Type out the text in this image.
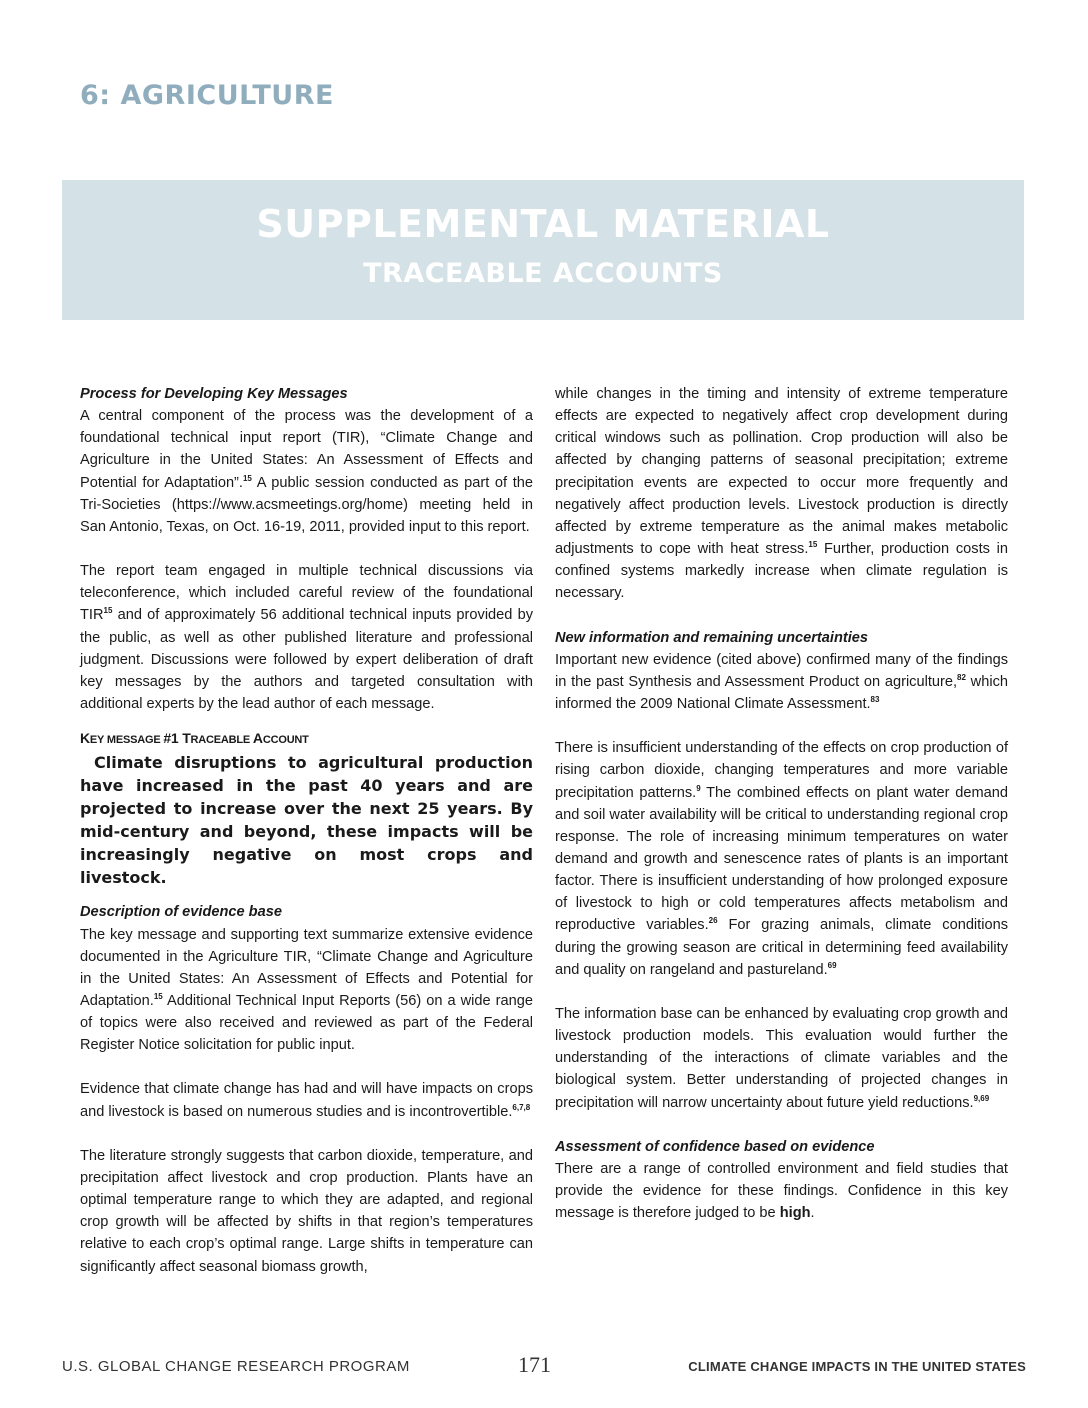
6: AGRICULTURE
SUPPLEMENTAL MATERIAL
TRACEABLE ACCOUNTS

Process for Developing Key Messages

A central component of the process was the development of a foundational technical input report (TIR), “Climate Change and Agriculture in the United States: An Assessment of Effects and Potential for Adaptation”.$^{15}$ A public session conducted as part of the Tri-Societies (https://www.acsmeetings.org/home) meeting held in San Antonio, Texas, on Oct. 16-19, 2011, provided input to this report.

The report team engaged in multiple technical discussions via teleconference, which included careful review of the foundational TIR$^{15}$ and of approximately 56 additional technical inputs provided by the public, as well as other published literature and professional judgment. Discussions were followed by expert deliberation of draft key messages by the authors and targeted consultation with additional experts by the lead author of each message.

KEY MESSAGE #1 TRACEABLE ACCOUNT

Climate disruptions to agricultural production have increased in the past 40 years and are projected to increase over the next 25 years. By mid-century and beyond, these impacts will be increasingly negative on most crops and livestock.

Description of evidence base

The key message and supporting text summarize extensive evidence documented in the Agriculture TIR, “Climate Change and Agriculture in the United States: An Assessment of Effects and Potential for Adaptation.$^{15}$ Additional Technical Input Reports (56) on a wide range of topics were also received and reviewed as part of the Federal Register Notice solicitation for public input.

Evidence that climate change has had and will have impacts on crops and livestock is based on numerous studies and is incontrovertible.$^{6,7,8}$

The literature strongly suggests that carbon dioxide, temperature, and precipitation affect livestock and crop production. Plants have an optimal temperature range to which they are adapted, and regional crop growth will be affected by shifts in that region’s temperatures relative to each crop’s optimal range. Large shifts in temperature can significantly affect seasonal biomass growth,

while changes in the timing and intensity of extreme temperature effects are expected to negatively affect crop development during critical windows such as pollination. Crop production will also be affected by changing patterns of seasonal precipitation; extreme precipitation events are expected to occur more frequently and negatively affect production levels. Livestock production is directly affected by extreme temperature as the animal makes metabolic adjustments to cope with heat stress.$^{15}$ Further, production costs in confined systems markedly increase when climate regulation is necessary.

New information and remaining uncertainties

Important new evidence (cited above) confirmed many of the findings in the past Synthesis and Assessment Product on agriculture,$^{82}$ which informed the 2009 National Climate Assessment.$^{83}$

There is insufficient understanding of the effects on crop production of rising carbon dioxide, changing temperatures and more variable precipitation patterns.$^9$ The combined effects on plant water demand and soil water availability will be critical to understanding regional crop response. The role of increasing minimum temperatures on water demand and growth and senescence rates of plants is an important factor. There is insufficient understanding of how prolonged exposure of livestock to high or cold temperatures affects metabolism and reproductive variables.$^{26}$ For grazing animals, climate conditions during the growing season are critical in determining feed availability and quality on rangeland and pastureland.$^{69}$

The information base can be enhanced by evaluating crop growth and livestock production models. This evaluation would further the understanding of the interactions of climate variables and the biological system. Better understanding of projected changes in precipitation will narrow uncertainty about future yield reductions.$^{9,69}$

Assessment of confidence based on evidence

There are a range of controlled environment and field studies that provide the evidence for these findings. Confidence in this key message is therefore judged to be high.

U.S. GLOBAL CHANGE RESEARCH PROGRAM	171	CLIMATE CHANGE IMPACTS IN THE UNITED STATES
